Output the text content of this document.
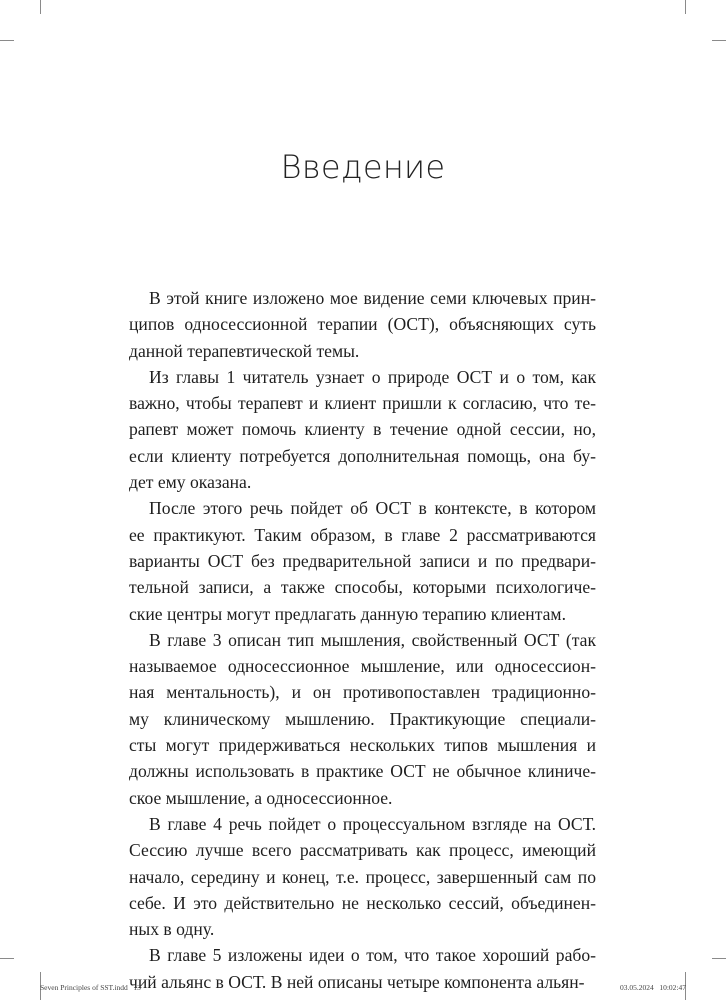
Введение

В этой книге изложено мое видение семи ключевых прин-
ципов односессионной терапии (ОСТ), объясняющих суть
данной терапевтической темы.

Из главы 1 читатель узнает о природе ОСТ и о том, как
важно, чтобы терапевт и клиент пришли к согласию, что те-
рапевт может помочь клиенту в течение одной сессии, но,
если клиенту потребуется дополнительная помощь, она бу-
дет ему оказана.

После этого речь пойдет об ОСТ в контексте, в котором
ее практикуют. Таким образом, в главе 2 рассматриваются
варианты ОСТ без предварительной записи и по предвари-
тельной записи, а также способы, которыми психологиче-
ские центры могут предлагать данную терапию клиентам.

В главе 3 описан тип мышления, свойственный ОСТ (так
называемое односессионное мышление, или односессион-
ная ментальность), и он противопоставлен традиционно-
му клиническому мышлению. Практикующие специали-
сты могут придерживаться нескольких типов мышления и
должны использовать в практике ОСТ не обычное клиниче-
ское мышление, а односессионное.

В главе 4 речь пойдет о процессуальном взгляде на ОСТ.
Сессию лучше всего рассматривать как процесс, имеющий
начало, середину и конец, т.е. процесс, завершенный сам по
себе. И это действительно не несколько сессий, объединен-
ных в одну.

В главе 5 изложены идеи о том, что такое хороший рабо-
чий альянс в ОСТ. В ней описаны четыре компонента альян-

Seven Principles of SST.indd   13	03.05.2024   10:02:47
